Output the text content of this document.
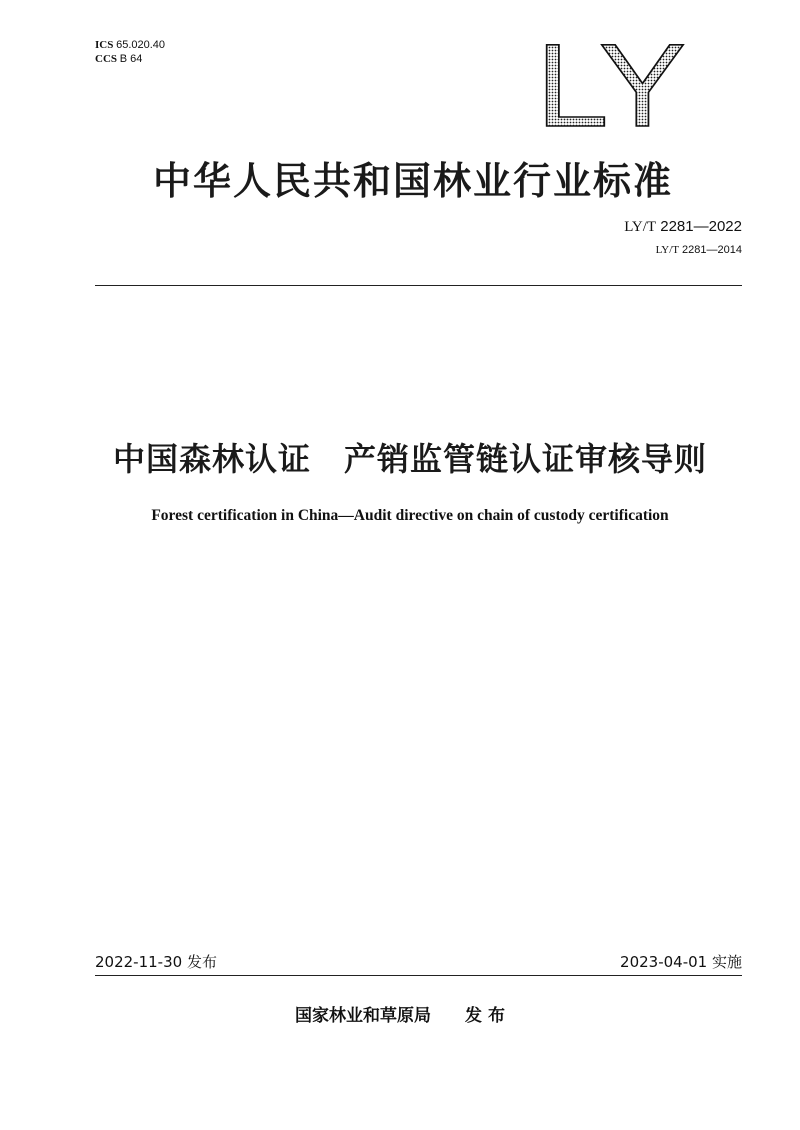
ICS 65.020.40
CCS B 64	LY
中华人民共和国林业行业标准
LY/T 2281—2022
LY/T 2281—2014
中国森林认证　产销监管链认证审核导则
Forest certification in China—Audit directive on chain of custody certification
2022-11-30 发布	2023-04-01 实施
国家林业和草原局　　发 布
